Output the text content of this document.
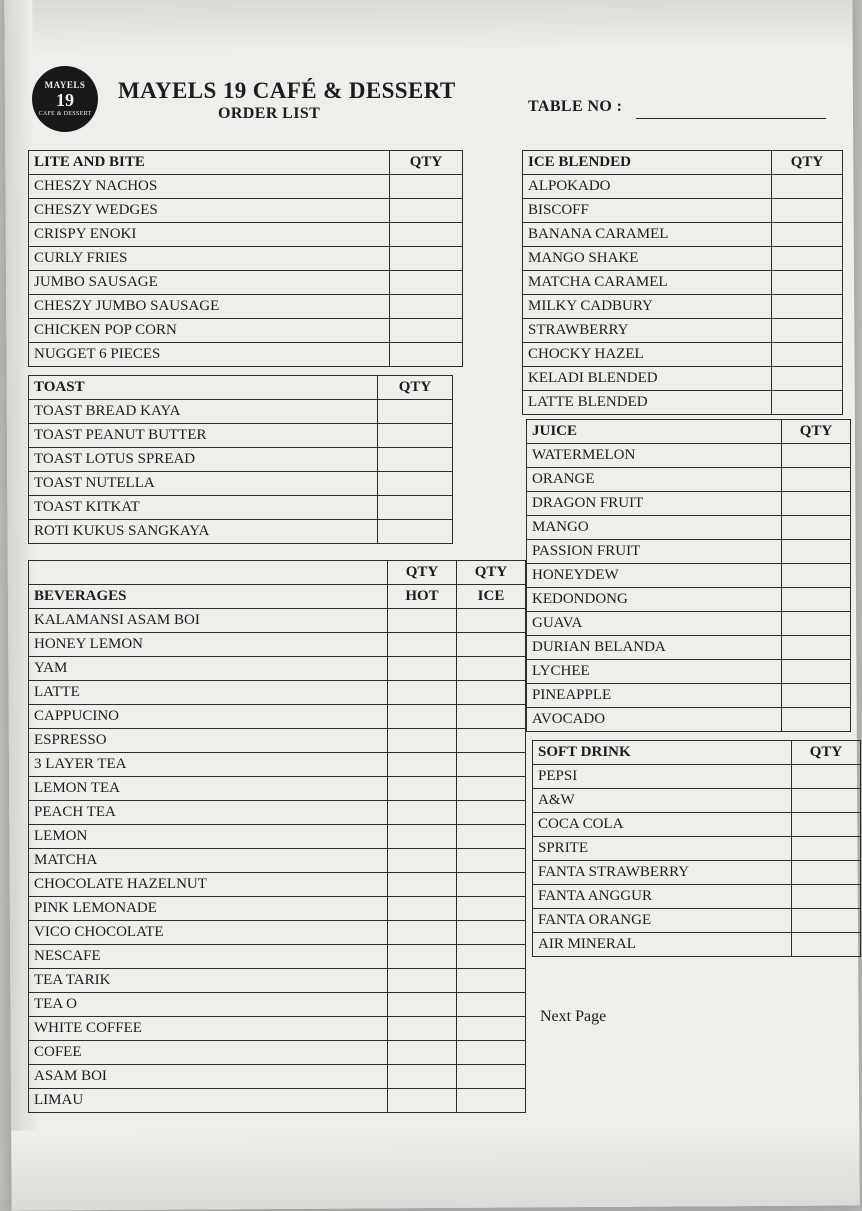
MAYELS
19
CAFE & DESSERT
MAYELS 19 CAFÉ & DESSERT
ORDER LIST	TABLE NO :
LITE AND BITE	QTY
CHESZY NACHOS	
CHESZY WEDGES	
CRISPY ENOKI	
CURLY FRIES	
JUMBO SAUSAGE	
CHESZY JUMBO SAUSAGE	
CHICKEN POP CORN	
NUGGET 6 PIECES	
TOAST	QTY
TOAST BREAD KAYA	
TOAST PEANUT BUTTER	
TOAST LOTUS SPREAD	
TOAST NUTELLA	
TOAST KITKAT	
ROTI KUKUS SANGKAYA	
	QTY	QTY
BEVERAGES	HOT	ICE
KALAMANSI ASAM BOI		
HONEY LEMON		
YAM		
LATTE		
CAPPUCINO		
ESPRESSO		
3 LAYER TEA		
LEMON TEA		
PEACH TEA		
LEMON		
MATCHA		
CHOCOLATE HAZELNUT		
PINK LEMONADE		
VICO CHOCOLATE		
NESCAFE		
TEA TARIK		
TEA O		
WHITE COFFEE		
COFEE		
ASAM BOI		
LIMAU		
ICE BLENDED	QTY
ALPOKADO	
BISCOFF	
BANANA CARAMEL	
MANGO SHAKE	
MATCHA CARAMEL	
MILKY CADBURY	
STRAWBERRY	
CHOCKY HAZEL	
KELADI BLENDED	
LATTE BLENDED	
JUICE	QTY
WATERMELON	
ORANGE	
DRAGON FRUIT	
MANGO	
PASSION FRUIT	
HONEYDEW	
KEDONDONG	
GUAVA	
DURIAN BELANDA	
LYCHEE	
PINEAPPLE	
AVOCADO	
SOFT DRINK	QTY
PEPSI	
A&W	
COCA COLA	
SPRITE	
FANTA STRAWBERRY	
FANTA ANGGUR	
FANTA ORANGE	
AIR MINERAL	
Next Page
